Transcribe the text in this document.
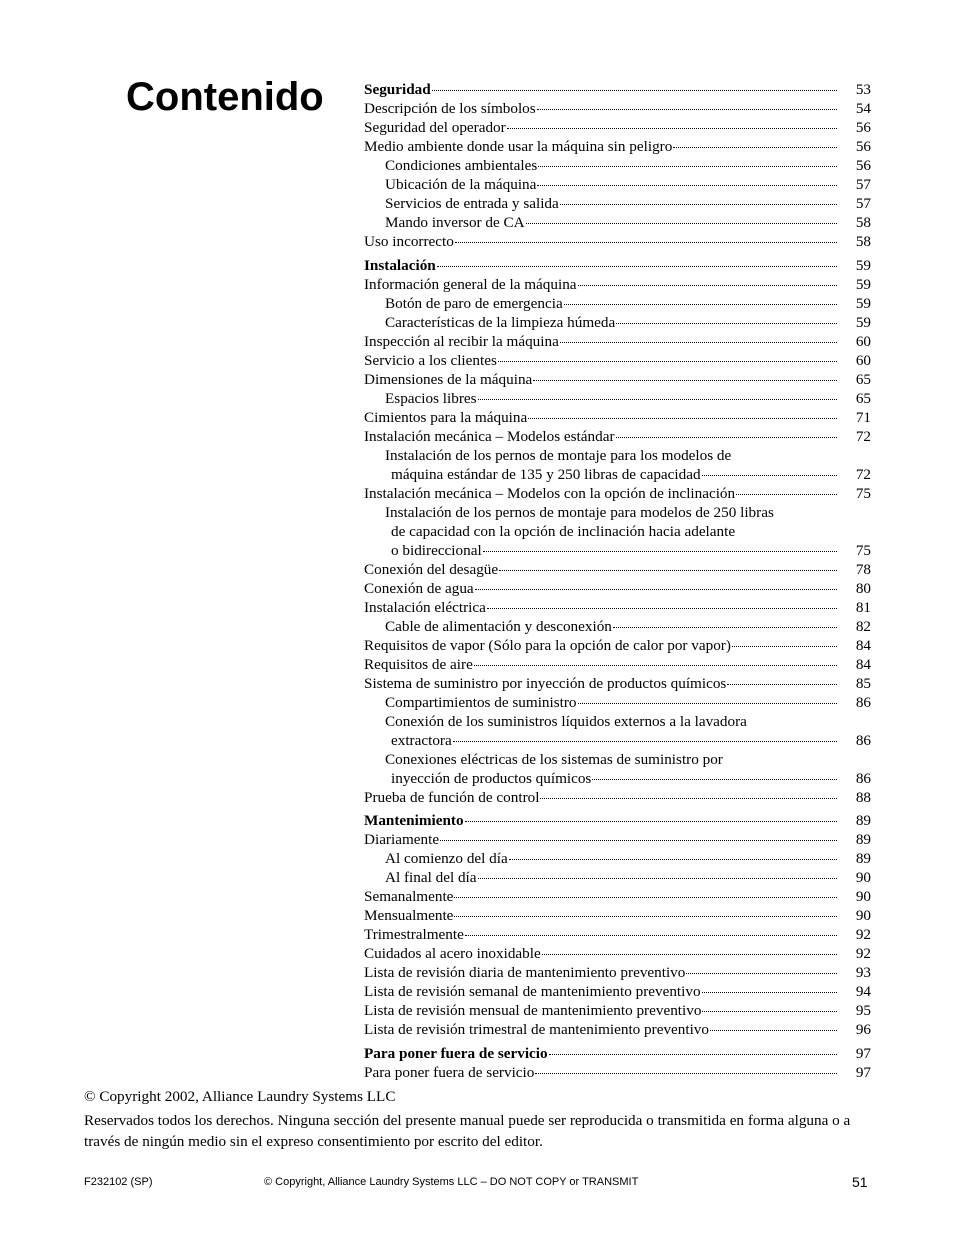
Contenido	Seguridad	53
Descripción de los símbolos	54
Seguridad del operador	56
Medio ambiente donde usar la máquina sin peligro	56
Condiciones ambientales	56
Ubicación de la máquina	57
Servicios de entrada y salida	57
Mando inversor de CA	58
Uso incorrecto	58
Instalación	59
Información general de la máquina	59
Botón de paro de emergencia	59
Características de la limpieza húmeda	59
Inspección al recibir la máquina	60
Servicio a los clientes	60
Dimensiones de la máquina	65
Espacios libres	65
Cimientos para la máquina	71
Instalación mecánica – Modelos estándar	72
Instalación de los pernos de montaje para los modelos de
máquina estándar de 135 y 250 libras de capacidad	72
Instalación mecánica – Modelos con la opción de inclinación	75
Instalación de los pernos de montaje para modelos de 250 libras
de capacidad con la opción de inclinación hacia adelante
o bidireccional	75
Conexión del desagüe	78
Conexión de agua	80
Instalación eléctrica	81
Cable de alimentación y desconexión	82
Requisitos de vapor (Sólo para la opción de calor por vapor)	84
Requisitos de aire	84
Sistema de suministro por inyección de productos químicos	85
Compartimientos de suministro	86
Conexión de los suministros líquidos externos a la lavadora
extractora	86
Conexiones eléctricas de los sistemas de suministro por
inyección de productos químicos	86
Prueba de función de control	88
Mantenimiento	89
Diariamente	89
Al comienzo del día	89
Al final del día	90
Semanalmente	90
Mensualmente	90
Trimestralmente	92
Cuidados al acero inoxidable	92
Lista de revisión diaria de mantenimiento preventivo	93
Lista de revisión semanal de mantenimiento preventivo	94
Lista de revisión mensual de mantenimiento preventivo	95
Lista de revisión trimestral de mantenimiento preventivo	96
Para poner fuera de servicio	97
Para poner fuera de servicio	97

© Copyright 2002, Alliance Laundry Systems LLC

Reservados todos los derechos. Ninguna sección del presente manual puede ser reproducida o transmitida en forma alguna o a través de ningún medio sin el expreso consentimiento por escrito del editor.

F232102 (SP)	© Copyright, Alliance Laundry Systems LLC – DO NOT COPY or TRANSMIT	51
